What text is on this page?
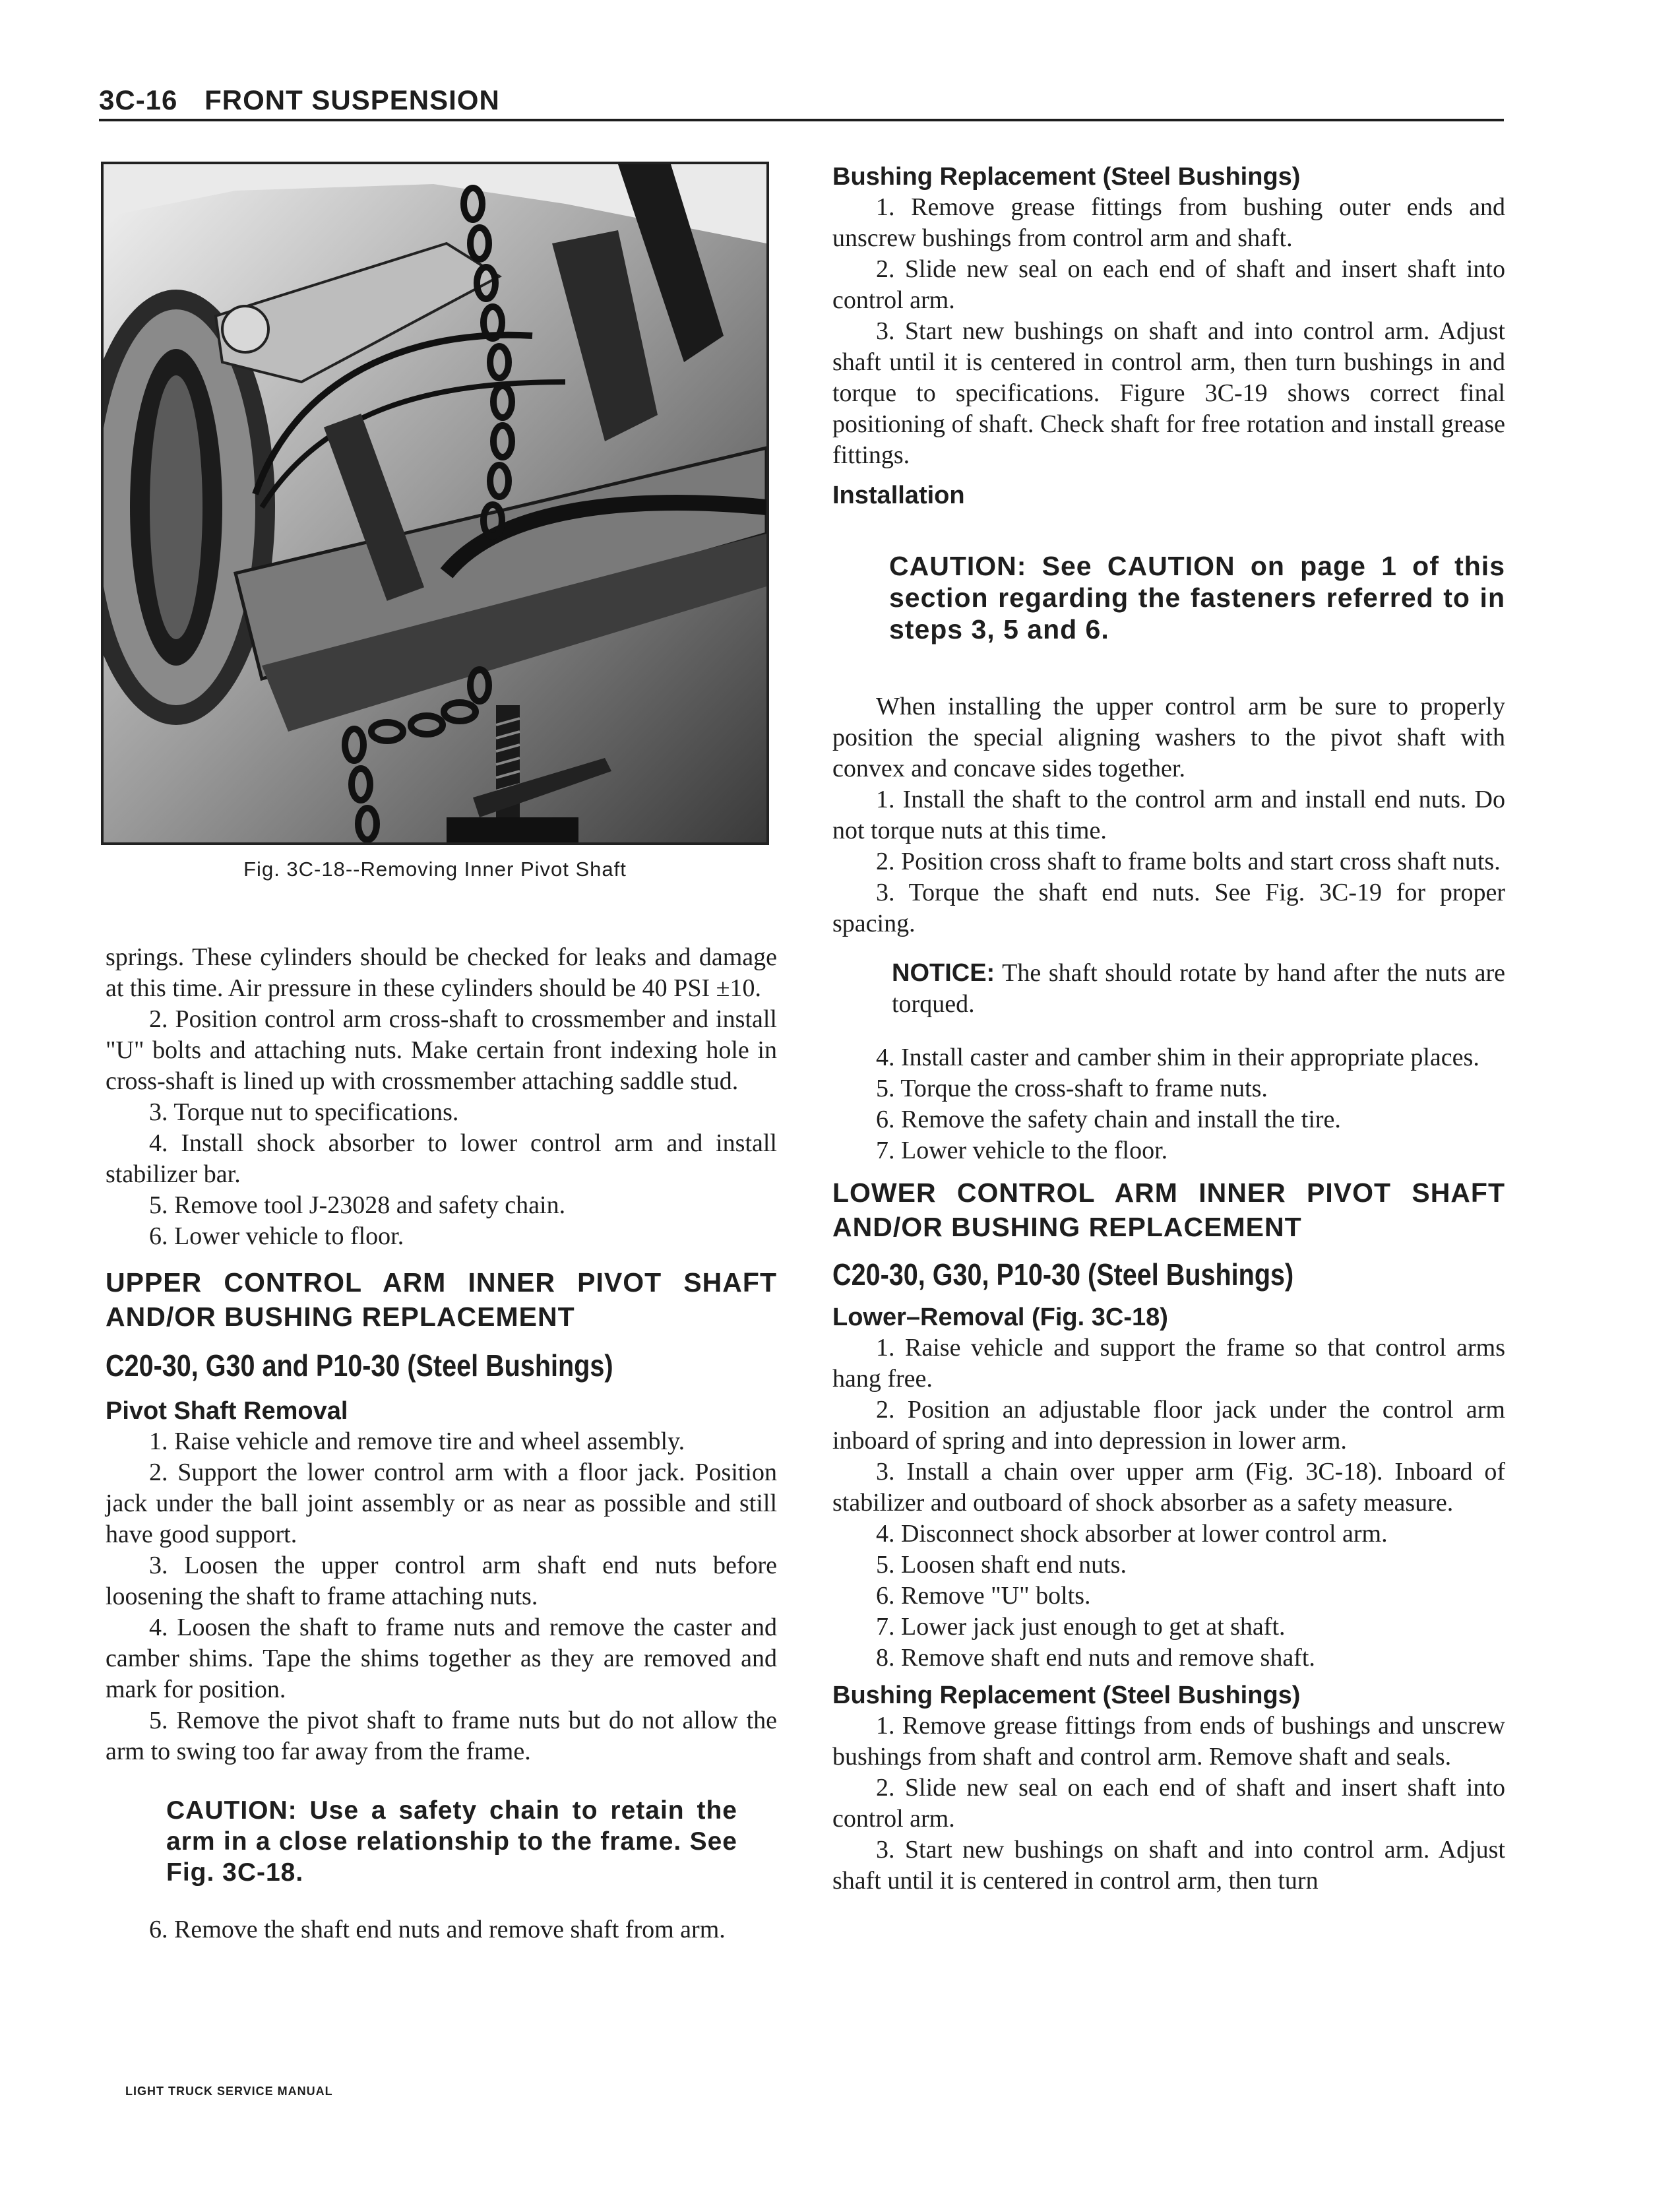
3C-16 FRONT SUSPENSION
Fig. 3C-18--Removing Inner Pivot Shaft

springs. These cylinders should be checked for leaks and damage at this time. Air pressure in these cylinders should be 40 PSI ±10.

2. Position control arm cross-shaft to crossmember and install "U" bolts and attaching nuts. Make certain front indexing hole in cross-shaft is lined up with crossmember attaching saddle stud.

3. Torque nut to specifications.

4. Install shock absorber to lower control arm and install stabilizer bar.

5. Remove tool J-23028 and safety chain.

6. Lower vehicle to floor.

UPPER CONTROL ARM INNER PIVOT SHAFT AND/OR BUSHING REPLACEMENT

C20-30, G30 and P10-30 (Steel Bushings)

Pivot Shaft Removal

1. Raise vehicle and remove tire and wheel assembly.

2. Support the lower control arm with a floor jack. Position jack under the ball joint assembly or as near as possible and still have good support.

3. Loosen the upper control arm shaft end nuts before loosening the shaft to frame attaching nuts.

4. Loosen the shaft to frame nuts and remove the caster and camber shims. Tape the shims together as they are removed and mark for position.

5. Remove the pivot shaft to frame nuts but do not allow the arm to swing too far away from the frame.

CAUTION: Use a safety chain to retain the arm in a close relationship to the frame. See Fig. 3C-18.

6. Remove the shaft end nuts and remove shaft from arm.

Bushing Replacement (Steel Bushings)

1. Remove grease fittings from bushing outer ends and unscrew bushings from control arm and shaft.

2. Slide new seal on each end of shaft and insert shaft into control arm.

3. Start new bushings on shaft and into control arm. Adjust shaft until it is centered in control arm, then turn bushings in and torque to specifications. Figure 3C-19 shows correct final positioning of shaft. Check shaft for free rotation and install grease fittings.

Installation

CAUTION: See CAUTION on page 1 of this section regarding the fasteners referred to in steps 3, 5 and 6.

When installing the upper control arm be sure to properly position the special aligning washers to the pivot shaft with convex and concave sides together.

1. Install the shaft to the control arm and install end nuts. Do not torque nuts at this time.

2. Position cross shaft to frame bolts and start cross shaft nuts.

3. Torque the shaft end nuts. See Fig. 3C-19 for proper spacing.

NOTICE: The shaft should rotate by hand after the nuts are torqued.

4. Install caster and camber shim in their appropriate places.

5. Torque the cross-shaft to frame nuts.

6. Remove the safety chain and install the tire.

7. Lower vehicle to the floor.

LOWER CONTROL ARM INNER PIVOT SHAFT AND/OR BUSHING REPLACEMENT

C20-30, G30, P10-30 (Steel Bushings)

Lower–Removal (Fig. 3C-18)

1. Raise vehicle and support the frame so that control arms hang free.

2. Position an adjustable floor jack under the control arm inboard of spring and into depression in lower arm.

3. Install a chain over upper arm (Fig. 3C-18). Inboard of stabilizer and outboard of shock absorber as a safety measure.

4. Disconnect shock absorber at lower control arm.

5. Loosen shaft end nuts.

6. Remove "U" bolts.

7. Lower jack just enough to get at shaft.

8. Remove shaft end nuts and remove shaft.

Bushing Replacement (Steel Bushings)

1. Remove grease fittings from ends of bushings and unscrew bushings from shaft and control arm. Remove shaft and seals.

2. Slide new seal on each end of shaft and insert shaft into control arm.

3. Start new bushings on shaft and into control arm. Adjust shaft until it is centered in control arm, then turn

LIGHT TRUCK SERVICE MANUAL
